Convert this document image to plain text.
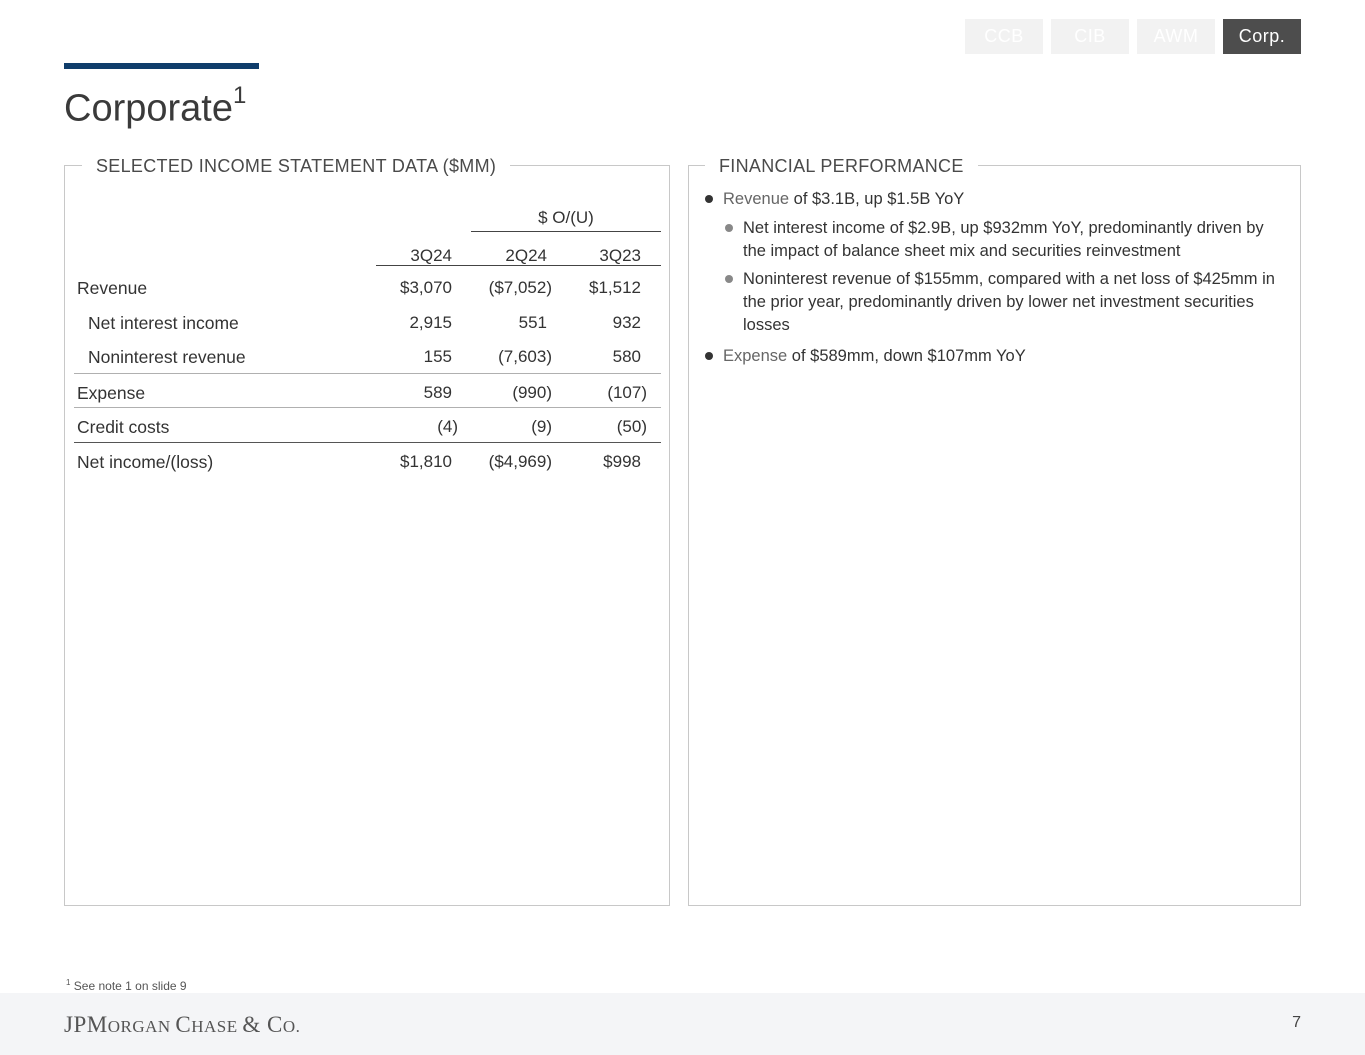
CCB	CIB	AWM	Corp.
Corporate$^1$
SELECTED INCOME STATEMENT DATA ($MM)
$ O/(U)
3Q24	2Q24	3Q23
Revenue	$3,070	($7,052)	$1,512
Net interest income	2,915	551	932
Noninterest revenue	155	(7,603)	580
Expense	589	(990)	(107)
Credit costs	(4)	(9)	(50)
Net income/(loss)	$1,810	($4,969)	$998
FINANCIAL PERFORMANCE
Revenue of $3.1B, up $1.5B YoY
Net interest income of $2.9B, up $932mm YoY, predominantly driven by the impact of balance sheet mix and securities reinvestment
Noninterest revenue of $155mm, compared with a net loss of $425mm in the prior year, predominantly driven by lower net investment securities losses
Expense of $589mm, down $107mm YoY
$^1$ See note 1 on slide 9
JPMORGAN CHASE & CO.	7
